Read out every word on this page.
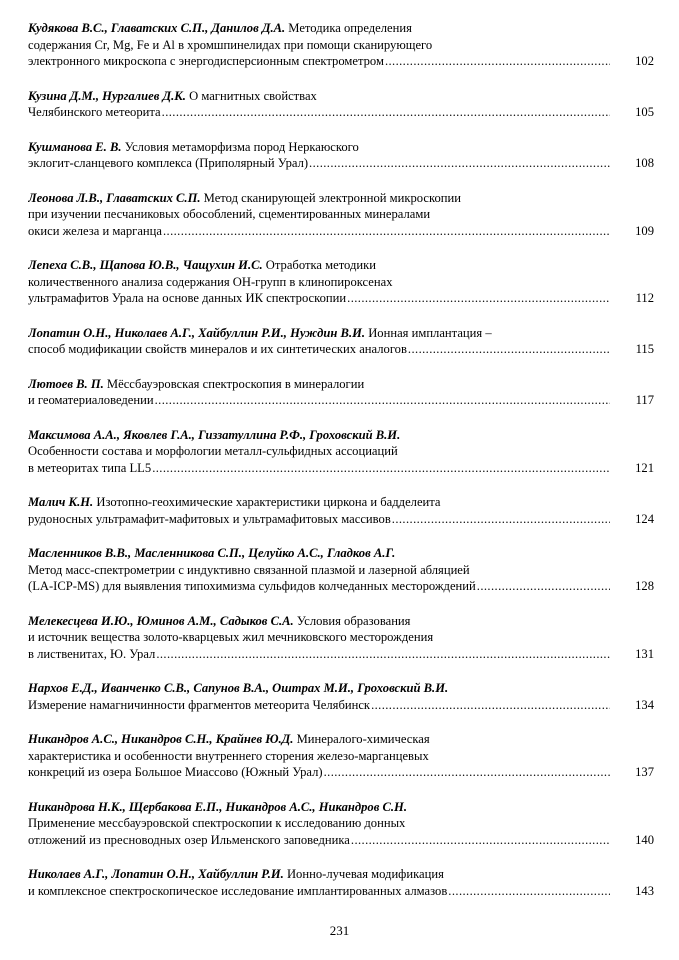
Кудякова В.С., Главатских С.П., Данилов Д.А. Методика определения
содержания Cr, Mg, Fe и Al в хромшпинелидах при помощи сканирующего
электронного микроскопа с энергодисперсионным спектрометром .....	102
Кузина Д.М., Нургалиев Д.К. О магнитных свойствах
Челябинского метеорита .....	105
Кушманова Е. В. Условия метаморфизма пород Неркаюского
эклогит-сланцевого комплекса (Приполярный Урал) .....	108
Леонова Л.В., Главатских С.П. Метод сканирующей электронной микроскопии
при изучении песчаниковых обособлений, сцементированных минералами
окиси железа и марганца .....	109
Лепеха С.В., Щапова Ю.В., Чащухин И.С. Отработка методики
количественного анализа содержания ОН-групп в клинопироксенах
ультрамафитов Урала на основе данных ИК спектроскопии .....	112
Лопатин О.Н., Николаев А.Г., Хайбуллин Р.И., Нуждин В.И. Ионная имплантация –
способ модификации свойств минералов и их синтетических аналогов .....	115
Лютоев В. П. Мёссбауэровская спектроскопия в минералогии
и геоматериаловедении .....	117
Максимова А.А., Яковлев Г.А., Гиззатуллина Р.Ф., Гроховский В.И.
Особенности состава и морфологии металл-сульфидных ассоциаций
в метеоритах типа LL5 .....	121
Малич К.Н. Изотопно-геохимические характеристики циркона и бадделеита
рудоносных ультрамафит-мафитовых и ультрамафитовых массивов .....	124
Масленников В.В., Масленникова С.П., Целуйко А.С., Гладков А.Г.
Метод масс-спектрометрии с индуктивно связанной плазмой и лазерной абляцией
(LA-ICP-MS) для выявления типохимизма сульфидов колчеданных месторождений .....	128
Мелекесцева И.Ю., Юминов А.М., Садыков С.А. Условия образования
и источник вещества золото-кварцевых жил мечниковского месторождения
в лиственитах, Ю. Урал .....	131
Нархов Е.Д., Иванченко С.В., Сапунов В.А., Оштрах М.И., Гроховский В.И.
Измерение намагничинности фрагментов метеорита Челябинск .....	134
Никандров А.С., Никандров С.Н., Крайнев Ю.Д. Минералого-химическая
характеристика и особенности внутреннего сторения железо-марганцевых
конкреций из озера Большое Миассово (Южный Урал) .....	137
Никандрова Н.К., Щербакова Е.П., Никандров А.С., Никандров С.Н.
Применение мессбауэровской спектроскопии к исследованию донных
отложений из пресноводных озер Ильменского заповедника .....	140
Николаев А.Г., Лопатин О.Н., Хайбуллин Р.И. Ионно-лучевая модификация
и комплексное спектроскопическое исследование имплантированных алмазов .....	143
231
